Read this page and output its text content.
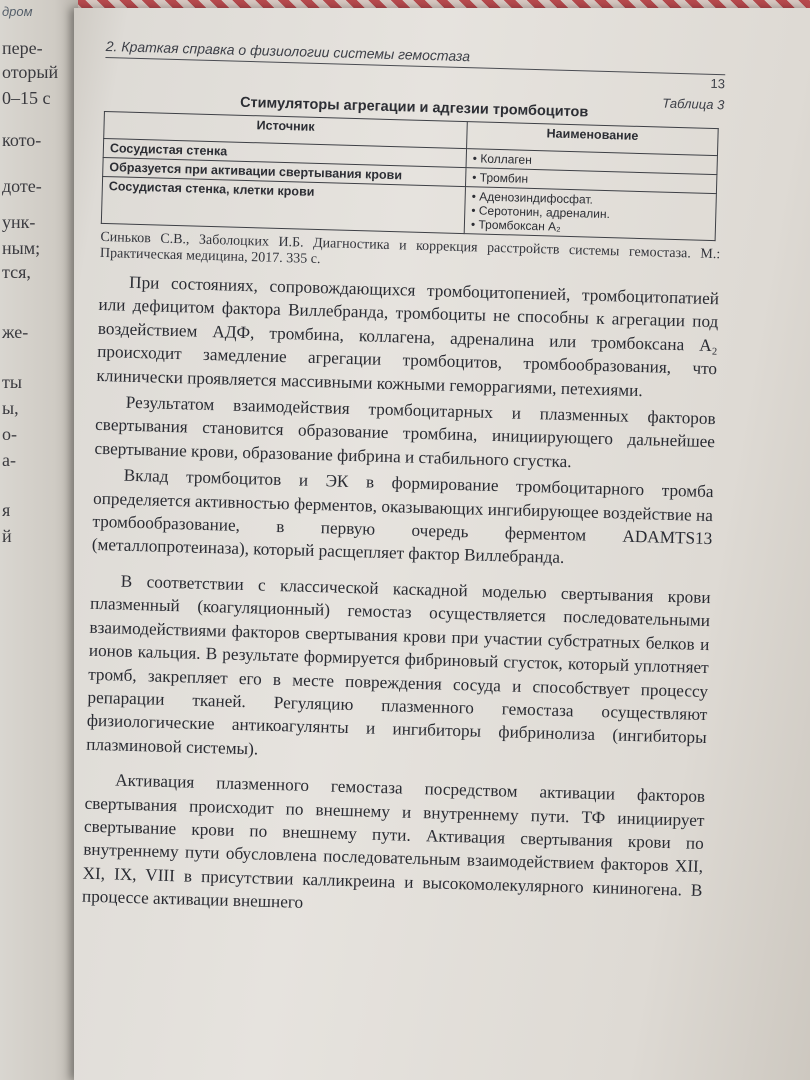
дром
пере-
оторый
0–15 с
кото-
доте-
унк-
ным;
тся,
же-
ты
ы,
о-
а-
я
й
2. Краткая справка о физиологии системы гемостаза
13
Таблица 3
Стимуляторы агрегации и адгезии тромбоцитов
Источник	Наименование
Сосудистая стенка	• Коллаген

Образуется при активации свертывания крови	• Тромбин

Сосудистая стенка, клетки крови	• Аденозиндифосфат.
• Серотонин, адреналин.
• Тромбоксан A₂
Синьков С.В., Заболоцких И.Б. Диагностика и коррекция расстройств системы гемостаза. М.: Практическая медицина, 2017. 335 с.

При состояниях, сопровождающихся тромбоцитопенией, тромбоцитопатией или дефицитом фактора Виллебранда, тромбоциты не способны к агрегации под воздействием АДФ, тромбина, коллагена, адреналина или тромбоксана A₂ происходит замедление агрегации тромбоцитов, тромбообразования, что клинически проявляется массивными кожными геморрагиями, петехиями.

Результатом взаимодействия тромбоцитарных и плазменных факторов свертывания становится образование тромбина, инициирующего дальнейшее свертывание крови, образование фибрина и стабильного сгустка.

Вклад тромбоцитов и ЭК в формирование тромбоцитарного тромба определяется активностью ферментов, оказывающих ингибирующее воздействие на тромбообразование, в первую очередь ферментом ADAMTS13 (металлопротеиназа), который расщепляет фактор Виллебранда.

В соответствии с классической каскадной моделью свертывания крови плазменный (коагуляционный) гемостаз осуществляется последовательными взаимодействиями факторов свертывания крови при участии субстратных белков и ионов кальция. В результате формируется фибриновый сгусток, который уплотняет тромб, закрепляет его в месте повреждения сосуда и способствует процессу репарации тканей. Регуляцию плазменного гемостаза осуществляют физиологические антикоагулянты и ингибиторы фибринолиза (ингибиторы плазминовой системы).

Активация плазменного гемостаза посредством активации факторов свертывания происходит по внешнему и внутреннему пути. ТФ инициирует свертывание крови по внешнему пути. Активация свертывания крови по внутреннему пути обусловлена последовательным взаимодействием факторов XII, XI, IX, VIII в присутствии калликреина и высокомолекулярного кининогена. В процессе активации внешнего
